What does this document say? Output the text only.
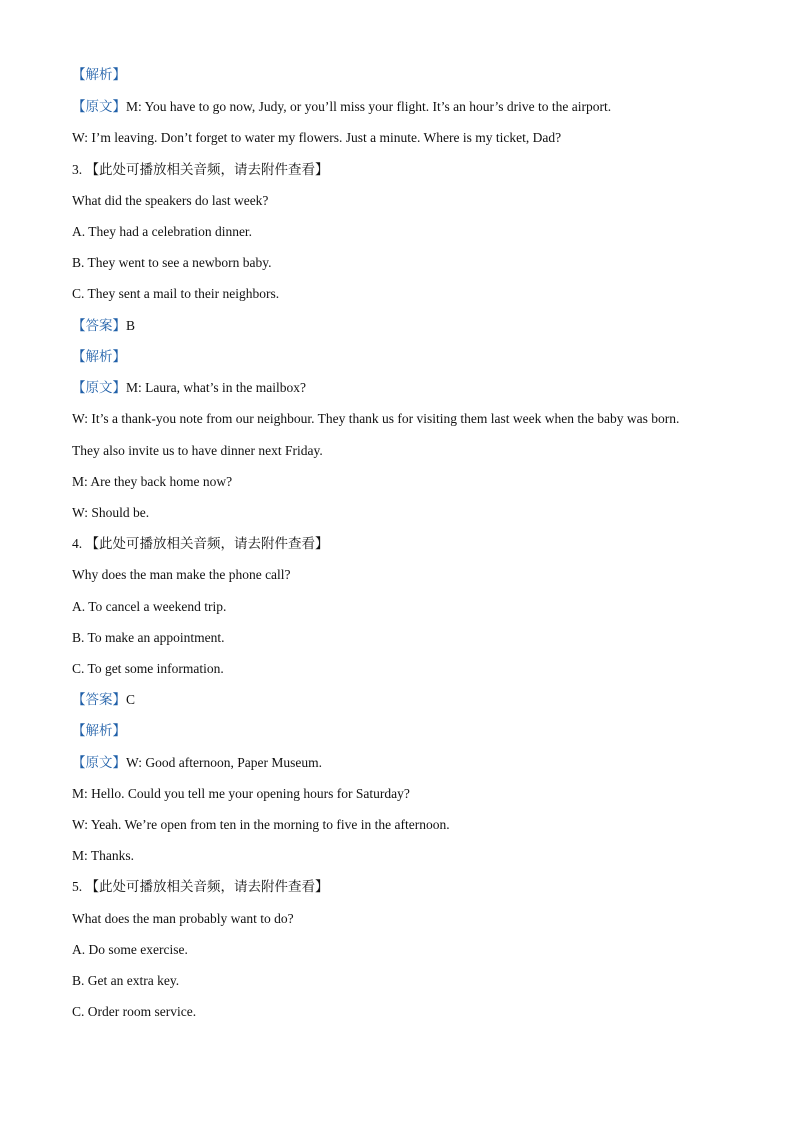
【解析】
【原文】M: You have to go now, Judy, or you’ll miss your flight. It’s an hour’s drive to the airport.
W: I’m leaving. Don’t forget to water my flowers. Just a minute. Where is my ticket, Dad?
3. 【此处可播放相关音频，请去附件查看】
What did the speakers do last week?
A. They had a celebration dinner.
B. They went to see a newborn baby.
C. They sent a mail to their neighbors.
【答案】B
【解析】
【原文】M: Laura, what’s in the mailbox?
W: It’s a thank-you note from our neighbour. They thank us for visiting them last week when the baby was born.
They also invite us to have dinner next Friday.
M: Are they back home now?
W: Should be.
4. 【此处可播放相关音频，请去附件查看】
Why does the man make the phone call?
A. To cancel a weekend trip.
B. To make an appointment.
C. To get some information.
【答案】C
【解析】
【原文】W: Good afternoon, Paper Museum.
M: Hello. Could you tell me your opening hours for Saturday?
W: Yeah. We’re open from ten in the morning to five in the afternoon.
M: Thanks.
5. 【此处可播放相关音频，请去附件查看】
What does the man probably want to do?
A. Do some exercise.
B. Get an extra key.
C. Order room service.
